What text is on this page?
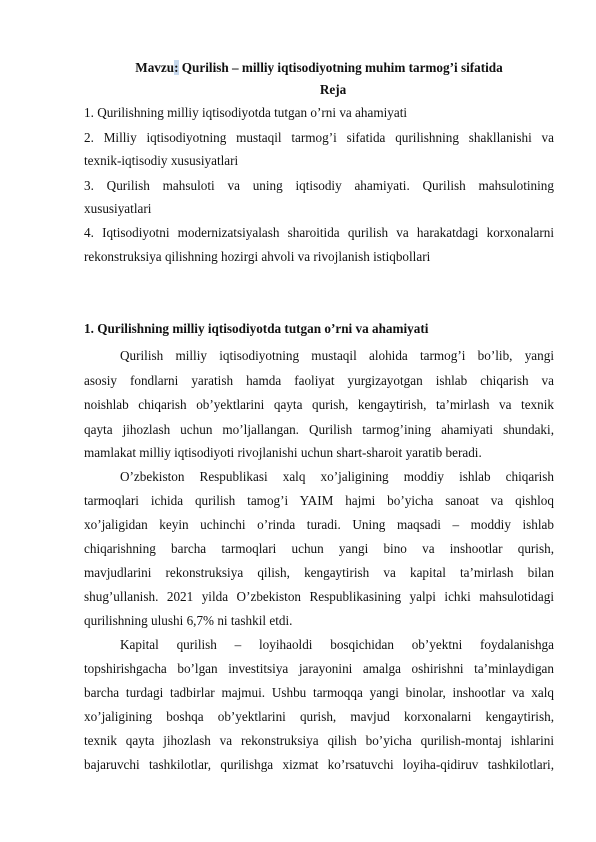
Mavzu: Qurilish – milliy iqtisodiyotning muhim tarmog’i sifatida
Reja
1. Qurilishning milliy iqtisodiyotda tutgan o’rni va ahamiyati
2. Milliy iqtisodiyotning mustaqil tarmog’i sifatida qurilishning shakllanishi va
texnik-iqtisodiy xususiyatlari
3. Qurilish mahsuloti va uning iqtisodiy ahamiyati. Qurilish mahsulotining
xususiyatlari
4. Iqtisodiyotni modernizatsiyalash sharoitida qurilish va harakatdagi korxonalarni
rekonstruksiya qilishning hozirgi ahvoli va rivojlanish istiqbollari
1. Qurilishning milliy iqtisodiyotda tutgan o’rni va ahamiyati
Qurilish milliy iqtisodiyotning mustaqil alohida tarmog’i bo’lib, yangi
asosiy fondlarni yaratish hamda faoliyat yurgizayotgan ishlab chiqarish va
noishlab chiqarish ob’yektlarini qayta qurish, kengaytirish, ta’mirlash va texnik
qayta jihozlash uchun mo’ljallangan. Qurilish tarmog’ining ahamiyati shundaki,
mamlakat milliy iqtisodiyoti rivojlanishi uchun shart-sharoit yaratib beradi.
O’zbekiston Respublikasi xalq xo’jaligining moddiy ishlab chiqarish
tarmoqlari ichida qurilish tamog’i YAIM hajmi bo’yicha sanoat va qishloq
xo’jaligidan keyin uchinchi o’rinda turadi. Uning maqsadi – moddiy ishlab
chiqarishning barcha tarmoqlari uchun yangi bino va inshootlar qurish,
mavjudlarini rekonstruksiya qilish, kengaytirish va kapital ta’mirlash bilan
shug’ullanish. 2021 yilda O’zbekiston Respublikasining yalpi ichki mahsulotidagi
qurilishning ulushi 6,7% ni tashkil etdi.
Kapital qurilish – loyihaoldi bosqichidan ob’yektni foydalanishga
topshirishgacha bo’lgan investitsiya jarayonini amalga oshirishni ta’minlaydigan
barcha turdagi tadbirlar majmui. Ushbu tarmoqqa yangi binolar, inshootlar va xalq
xo’jaligining boshqa ob’yektlarini qurish, mavjud korxonalarni kengaytirish,
texnik qayta jihozlash va rekonstruksiya qilish bo’yicha qurilish-montaj ishlarini
bajaruvchi tashkilotlar, qurilishga xizmat ko’rsatuvchi loyiha-qidiruv tashkilotlari,
